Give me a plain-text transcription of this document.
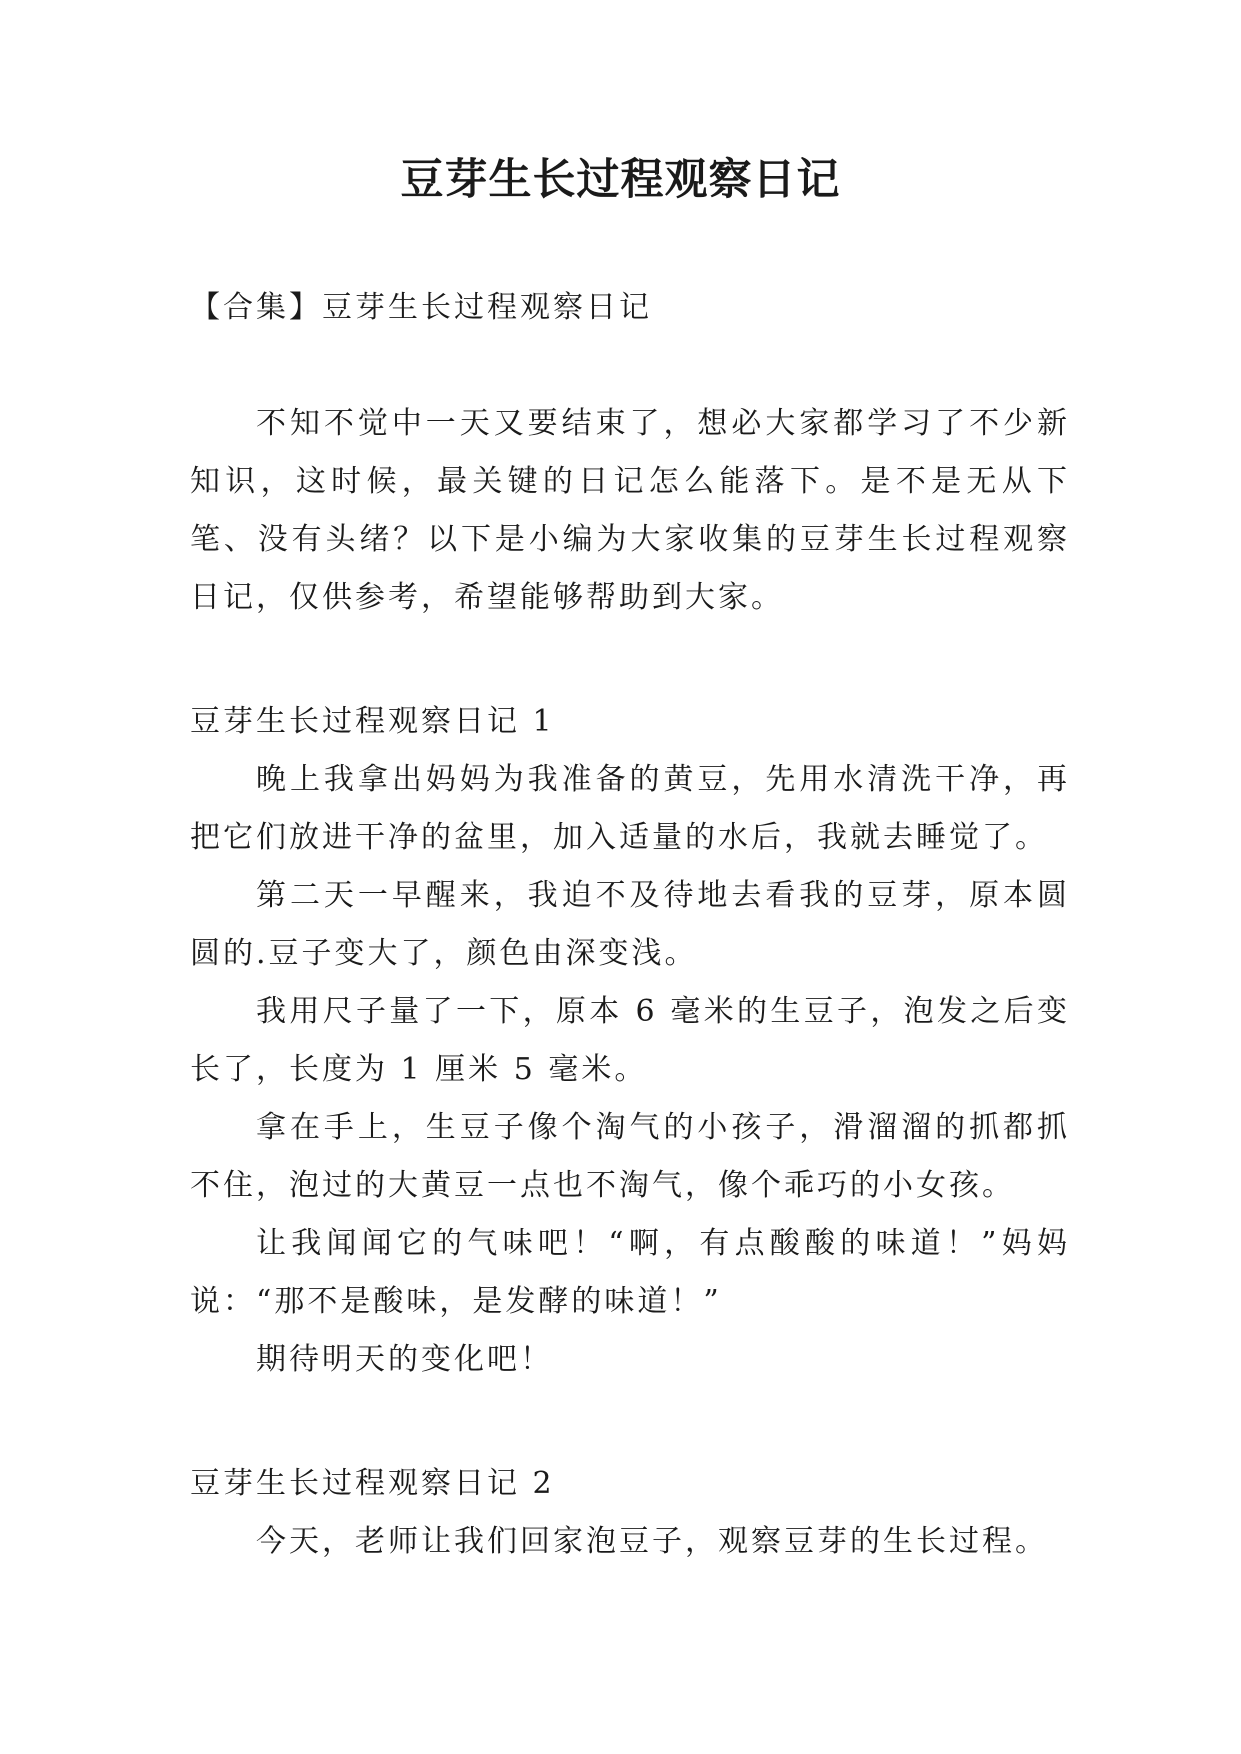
豆芽生长过程观察日记

【合集】豆芽生长过程观察日记

不知不觉中一天又要结束了，想必大家都学习了不少新知识，这时候，最关键的日记怎么能落下。是不是无从下笔、没有头绪？以下是小编为大家收集的豆芽生长过程观察日记，仅供参考，希望能够帮助到大家。

豆芽生长过程观察日记 1

晚上我拿出妈妈为我准备的黄豆，先用水清洗干净，再把它们放进干净的盆里，加入适量的水后，我就去睡觉了。

第二天一早醒来，我迫不及待地去看我的豆芽，原本圆圆的.豆子变大了，颜色由深变浅。

我用尺子量了一下，原本 6 毫米的生豆子，泡发之后变长了，长度为 1 厘米 5 毫米。

拿在手上，生豆子像个淘气的小孩子，滑溜溜的抓都抓不住，泡过的大黄豆一点也不淘气，像个乖巧的小女孩。

让我闻闻它的气味吧！“啊，有点酸酸的味道！”妈妈说：“那不是酸味，是发酵的味道！”

期待明天的变化吧！

豆芽生长过程观察日记 2

今天，老师让我们回家泡豆子，观察豆芽的生长过程。
